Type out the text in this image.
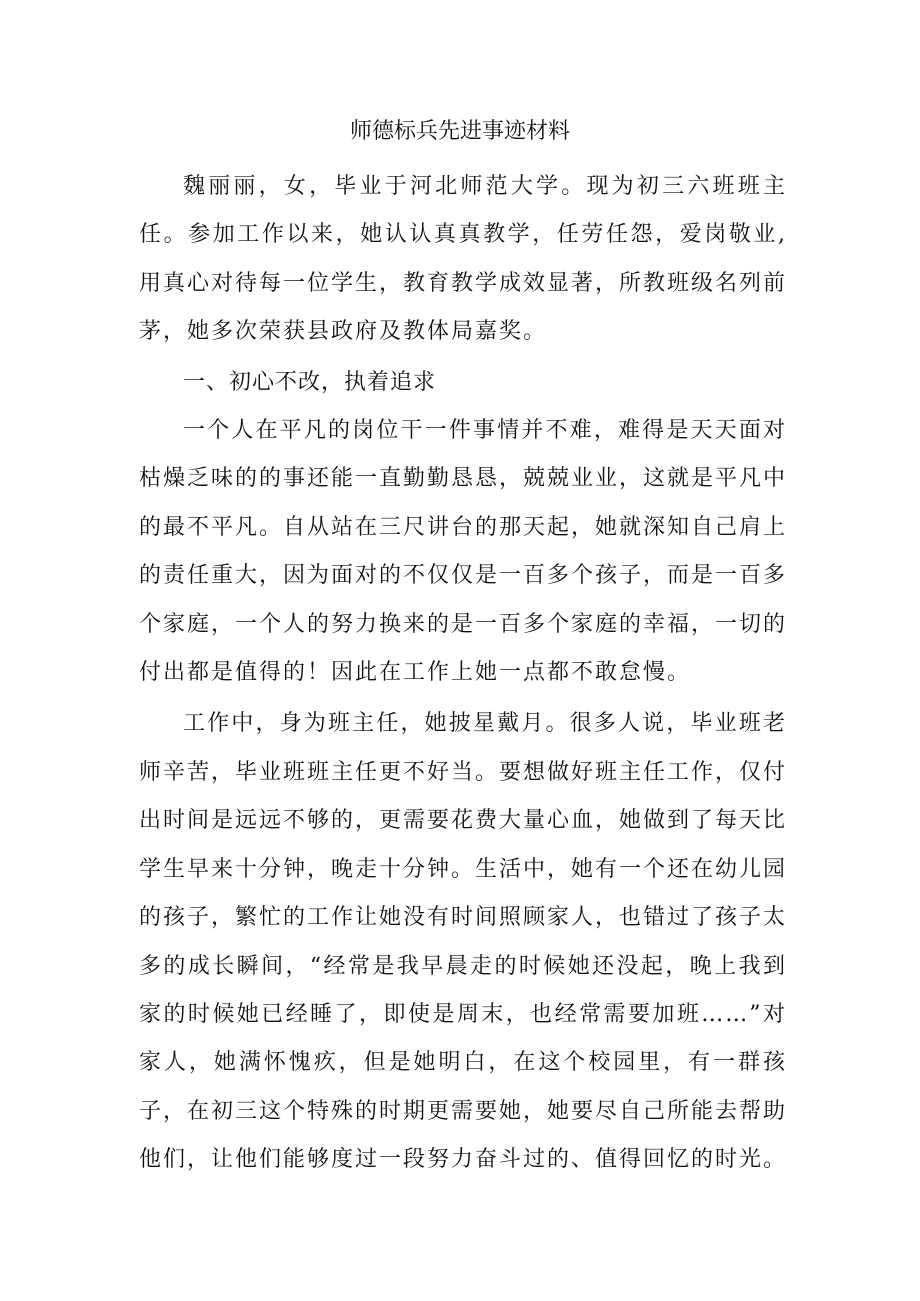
师德标兵先进事迹材料

魏丽丽，女，毕业于河北师范大学。现为初三六班班主任。参加工作以来，她认认真真教学，任劳任怨，爱岗敬业,用真心对待每一位学生，教育教学成效显著，所教班级名列前茅，她多次荣获县政府及教体局嘉奖。

一、初心不改，执着追求

一个人在平凡的岗位干一件事情并不难，难得是天天面对枯燥乏味的的事还能一直勤勤恳恳，兢兢业业，这就是平凡中的最不平凡。自从站在三尺讲台的那天起，她就深知自己肩上的责任重大，因为面对的不仅仅是一百多个孩子，而是一百多个家庭，一个人的努力换来的是一百多个家庭的幸福，一切的付出都是值得的！因此在工作上她一点都不敢怠慢。

工作中，身为班主任，她披星戴月。很多人说，毕业班老师辛苦，毕业班班主任更不好当。要想做好班主任工作，仅付出时间是远远不够的，更需要花费大量心血，她做到了每天比学生早来十分钟，晚走十分钟。生活中，她有一个还在幼儿园的孩子，繁忙的工作让她没有时间照顾家人，也错过了孩子太多的成长瞬间，“经常是我早晨走的时候她还没起，晚上我到家的时候她已经睡了，即使是周末，也经常需要加班……”对家人，她满怀愧疚，但是她明白，在这个校园里，有一群孩子，在初三这个特殊的时期更需要她，她要尽自己所能去帮助他们，让他们能够度过一段努力奋斗过的、值得回忆的时光。
